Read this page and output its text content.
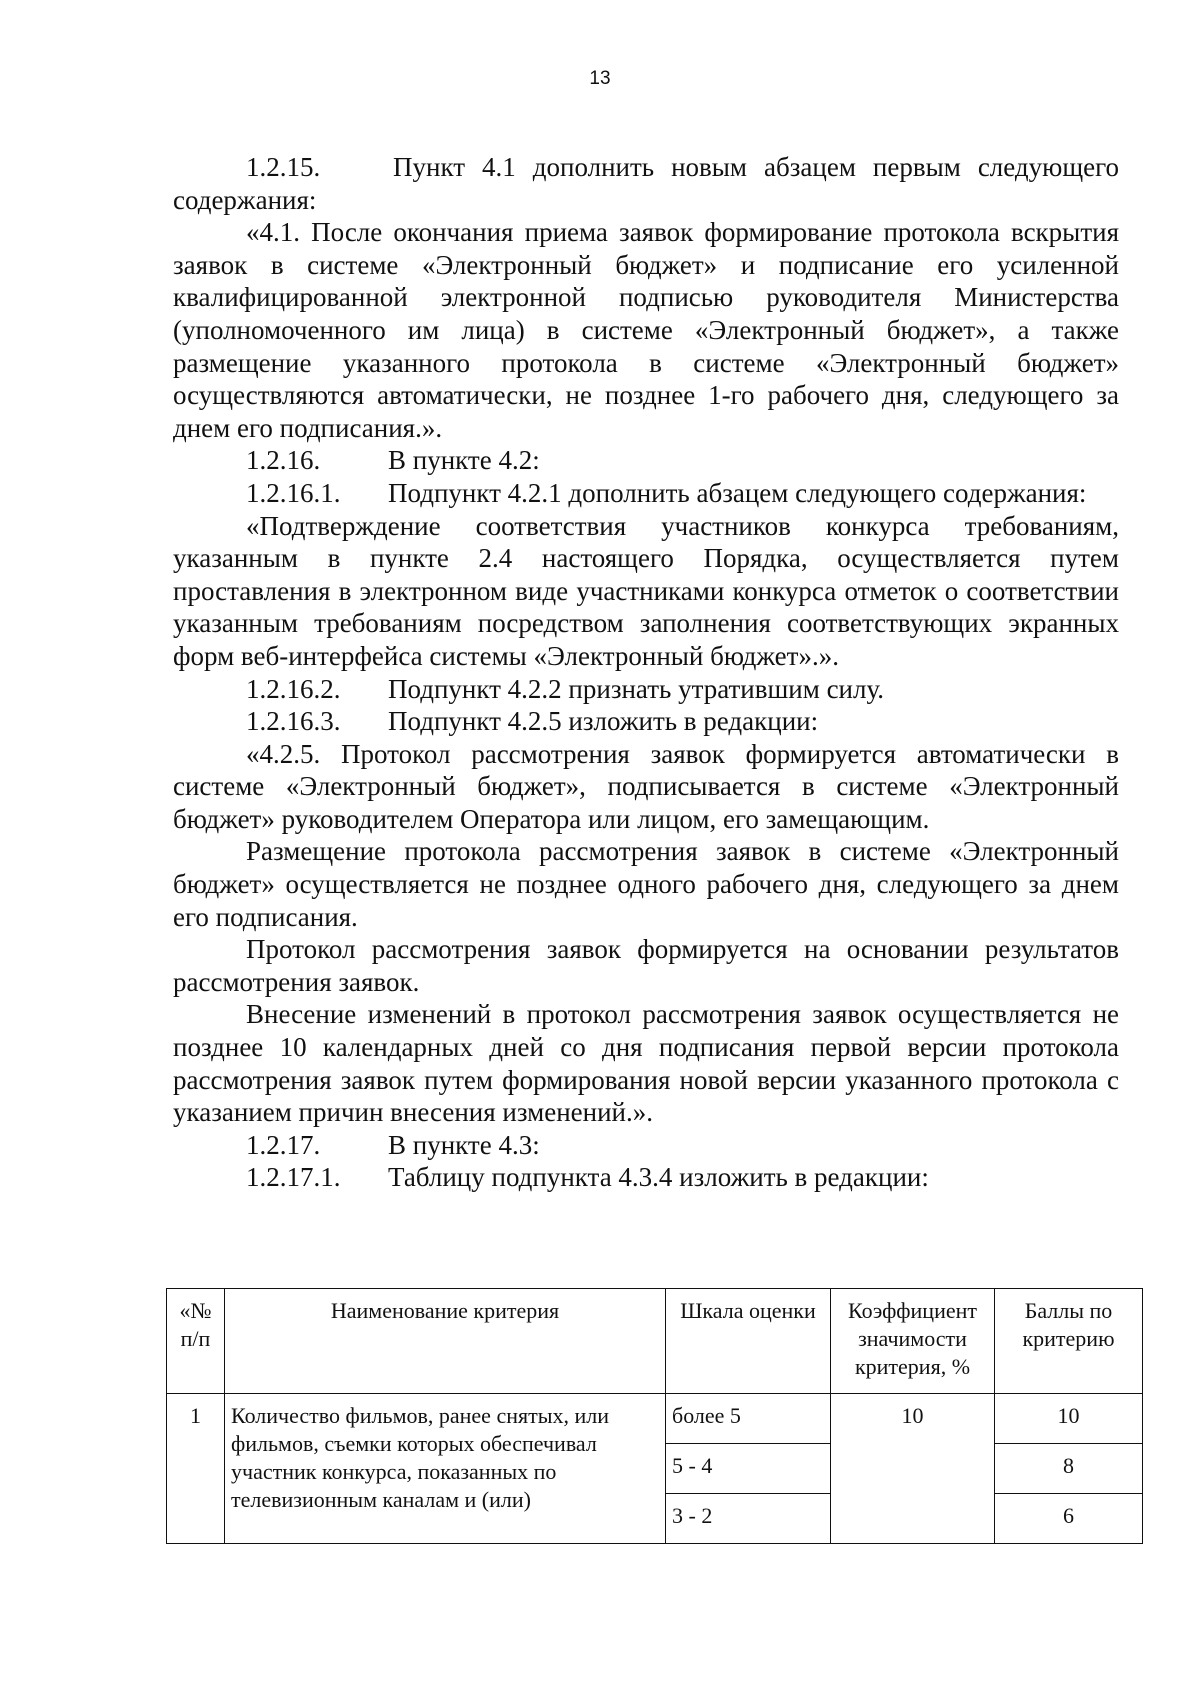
13

1.2.15.	Пункт 4.1 дополнить новым абзацем первым следующего содержания:

«4.1. После окончания приема заявок формирование протокола вскрытия заявок в системе «Электронный бюджет» и подписание его усиленной квалифицированной электронной подписью руководителя Министерства (уполномоченного им лица) в системе «Электронный бюджет», а также размещение указанного протокола в системе «Электронный бюджет» осуществляются автоматически, не позднее 1-го рабочего дня, следующего за днем его подписания.».

1.2.16.	В пункте 4.2:

1.2.16.1. Подпункт 4.2.1 дополнить абзацем следующего содержания:

«Подтверждение соответствия участников конкурса требованиям, указанным в пункте 2.4 настоящего Порядка, осуществляется путем проставления в электронном виде участниками конкурса отметок о соответствии указанным требованиям посредством заполнения соответствующих экранных форм веб-интерфейса системы «Электронный бюджет».».

1.2.16.2. Подпункт 4.2.2 признать утратившим силу.

1.2.16.3. Подпункт 4.2.5 изложить в редакции:

«4.2.5. Протокол рассмотрения заявок формируется автоматически в системе «Электронный бюджет», подписывается в системе «Электронный бюджет» руководителем Оператора или лицом, его замещающим.

Размещение протокола рассмотрения заявок в системе «Электронный бюджет» осуществляется не позднее одного рабочего дня, следующего за днем его подписания.

Протокол рассмотрения заявок формируется на основании результатов рассмотрения заявок.

Внесение изменений в протокол рассмотрения заявок осуществляется не позднее 10 календарных дней со дня подписания первой версии протокола рассмотрения заявок путем формирования новой версии указанного протокола с указанием причин внесения изменений.».

1.2.17.	В пункте 4.3:

1.2.17.1. Таблицу подпункта 4.3.4 изложить в редакции:

«№ п/п	Наименование критерия	Шкала оценки	Коэффициент значимости критерия, %	Баллы по критерию
1	Количество фильмов, ранее снятых, или фильмов, съемки которых обеспечивал участник конкурса, показанных по телевизионным каналам и (или)	более 5	10	10
		5 - 4		8
		3 - 2		6
